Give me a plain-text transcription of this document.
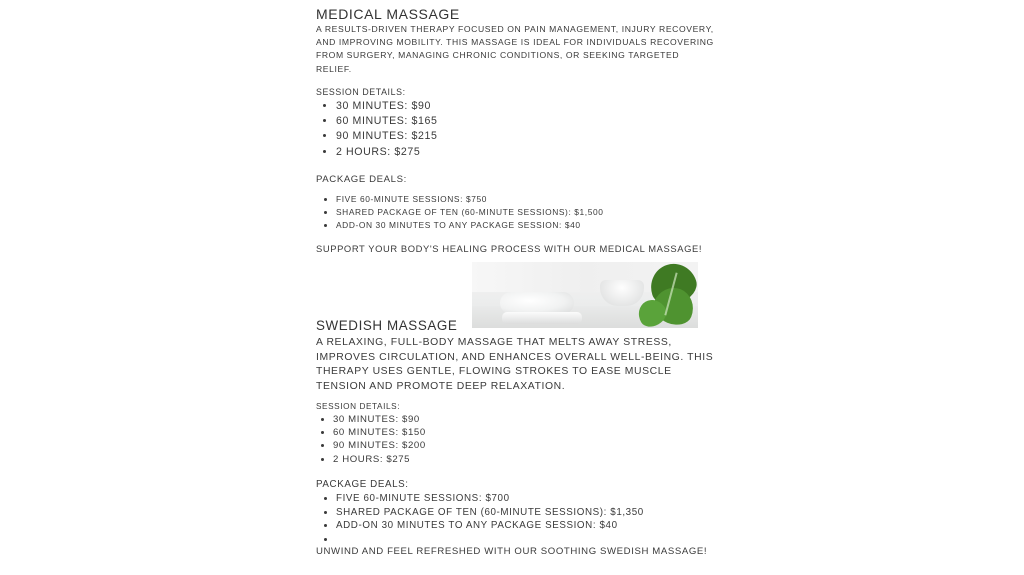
MEDICAL MASSAGE
A RESULTS-DRIVEN THERAPY FOCUSED ON PAIN MANAGEMENT, INJURY RECOVERY, AND IMPROVING MOBILITY. THIS MASSAGE IS IDEAL FOR INDIVIDUALS RECOVERING FROM SURGERY, MANAGING CHRONIC CONDITIONS, OR SEEKING TARGETED RELIEF.
SESSION DETAILS:
• 30 MINUTES: $90
• 60 MINUTES: $165
• 90 MINUTES: $215
• 2 HOURS: $275
PACKAGE DEALS:
• FIVE 60-MINUTE SESSIONS: $750
• SHARED PACKAGE OF TEN (60-MINUTE SESSIONS): $1,500
• ADD-ON 30 MINUTES TO ANY PACKAGE SESSION: $40
SUPPORT YOUR BODY'S HEALING PROCESS WITH OUR MEDICAL MASSAGE!
SWEDISH MASSAGE
A RELAXING, FULL-BODY MASSAGE THAT MELTS AWAY STRESS, IMPROVES CIRCULATION, AND ENHANCES OVERALL WELL-BEING. THIS THERAPY USES GENTLE, FLOWING STROKES TO EASE MUSCLE TENSION AND PROMOTE DEEP RELAXATION.
SESSION DETAILS:
• 30 MINUTES: $90
• 60 MINUTES: $150
• 90 MINUTES: $200
• 2 HOURS: $275
PACKAGE DEALS:
• FIVE 60-MINUTE SESSIONS: $700
• SHARED PACKAGE OF TEN (60-MINUTE SESSIONS): $1,350
• ADD-ON 30 MINUTES TO ANY PACKAGE SESSION: $40
•
UNWIND AND FEEL REFRESHED WITH OUR SOOTHING SWEDISH MASSAGE!
